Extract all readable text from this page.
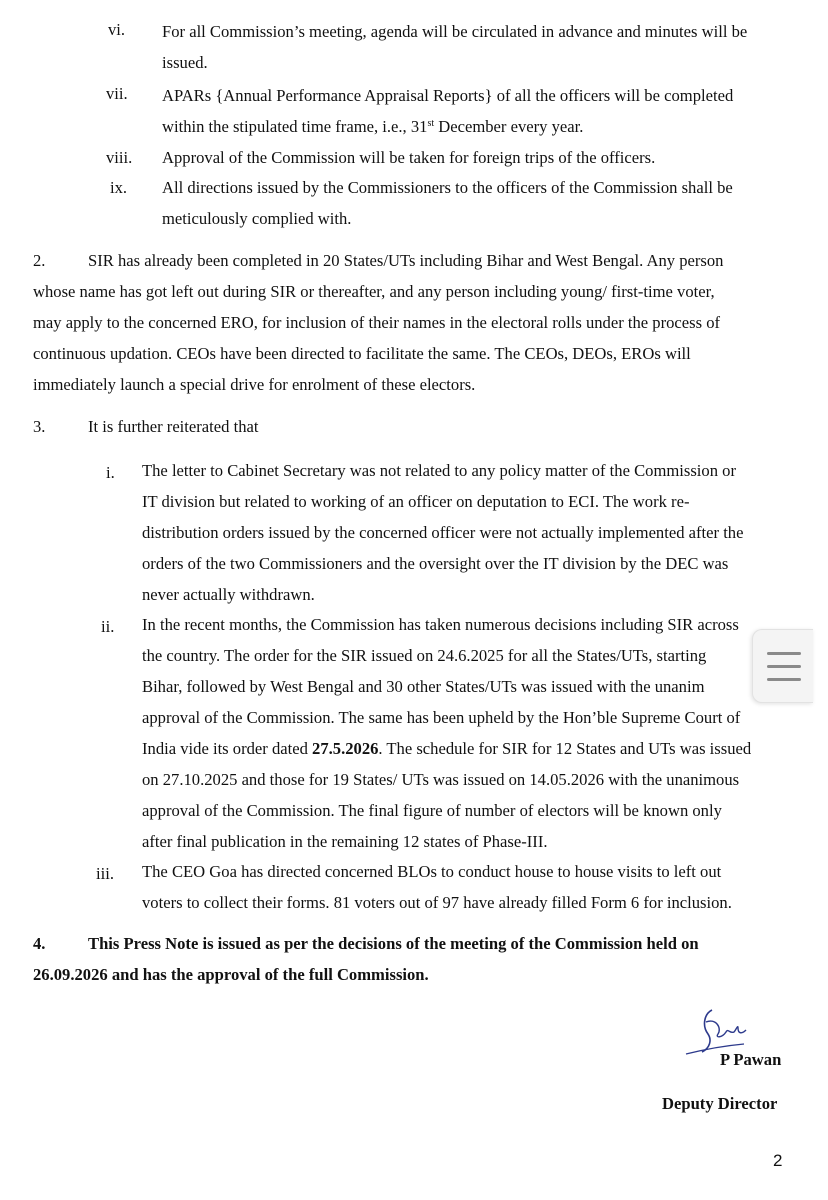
vi. For all Commission’s meeting, agenda will be circulated in advance and minutes will be
issued.
vii. APARs {Annual Performance Appraisal Reports} of all the officers will be completed
within the stipulated time frame, i.e., 31st December every year.
viii. Approval of the Commission will be taken for foreign trips of the officers.
ix. All directions issued by the Commissioners to the officers of the Commission shall be
meticulously complied with.
2.	SIR has already been completed in 20 States/UTs including Bihar and West Bengal. Any person
whose name has got left out during SIR or thereafter, and any person including young/ first-time voter,
may apply to the concerned ERO, for inclusion of their names in the electoral rolls under the process of
continuous updation. CEOs have been directed to facilitate the same. The CEOs, DEOs, EROs will
immediately launch a special drive for enrolment of these electors.
3.	It is further reiterated that
i. The letter to Cabinet Secretary was not related to any policy matter of the Commission or
IT division but related to working of an officer on deputation to ECI. The work re-
distribution orders issued by the concerned officer were not actually implemented after the
orders of the two Commissioners and the oversight over the IT division by the DEC was
never actually withdrawn.
ii. In the recent months, the Commission has taken numerous decisions including SIR across
the country. The order for the SIR issued on 24.6.2025 for all the States/UTs, starting
Bihar, followed by West Bengal and 30 other States/UTs was issued with the unanim
approval of the Commission. The same has been upheld by the Hon’ble Supreme Court of
India vide its order dated 27.5.2026. The schedule for SIR for 12 States and UTs was issued
on 27.10.2025 and those for 19 States/ UTs was issued on 14.05.2026 with the unanimous
approval of the Commission. The final figure of number of electors will be known only
after final publication in the remaining 12 states of Phase-III.
iii. The CEO Goa has directed concerned BLOs to conduct house to house visits to left out
voters to collect their forms. 81 voters out of 97 have already filled Form 6 for inclusion.
4.	This Press Note is issued as per the decisions of the meeting of the Commission held on
26.09.2026 and has the approval of the full Commission.
P Pawan
Deputy Director
2
